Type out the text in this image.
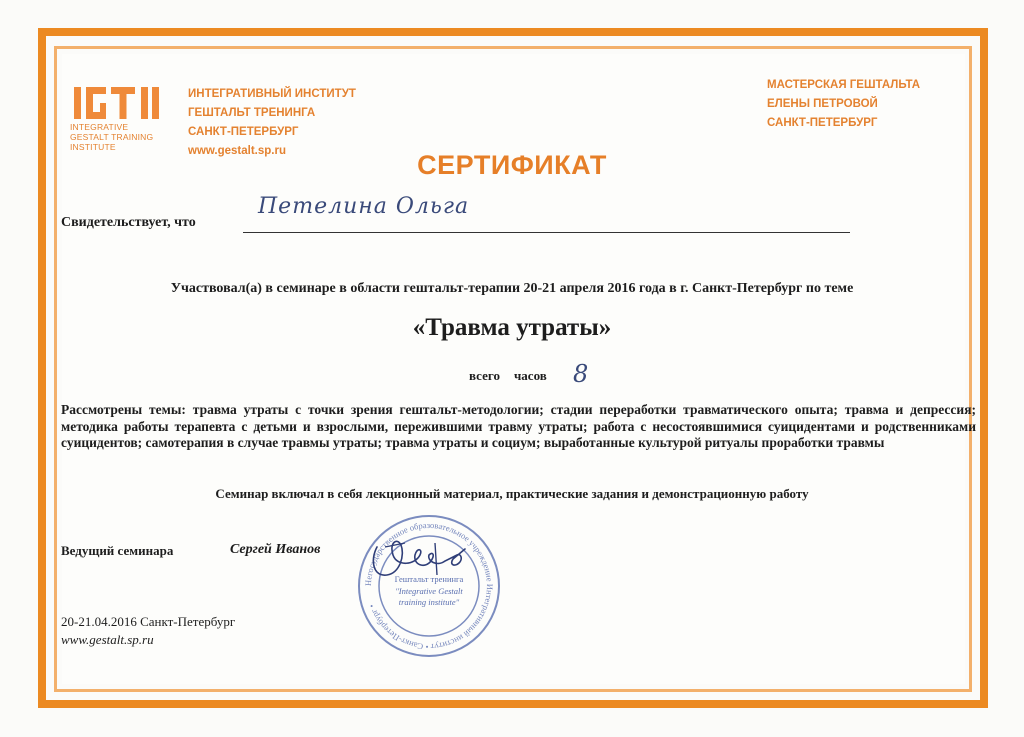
INTEGRATIVE
GESTALT TRAINING
INSTITUTE
ИНТЕГРАТИВНЫЙ ИНСТИТУТ
ГЕШТАЛЬТ ТРЕНИНГА
САНКТ-ПЕТЕРБУРГ
www.gestalt.sp.ru
МАСТЕРСКАЯ ГЕШТАЛЬТА
ЕЛЕНЫ ПЕТРОВОЙ
САНКТ-ПЕТЕРБУРГ
СЕРТИФИКАТ
Свидетельствует, что
Петелина Ольга
Участвовал(а) в семинаре в области гештальт-терапии 20-21 апреля 2016 года в г. Санкт-Петербург по теме
«Травма утраты»
всего часов 8
Рассмотрены темы: травма утраты с точки зрения гештальт-методологии; стадии переработки травматического опыта; травма и депрессия; методика работы терапевта с детьми и взрослыми, пережившими травму утраты; работа с несостоявшимися суицидентами и родственниками суицидентов; самотерапия в случае травмы утраты; травма утраты и социум; выработанные культурой ритуалы проработки травмы
Семинар включал в себя лекционный материал, практические задания и демонстрационную работу
Ведущий семинара	Сергей Иванов
Негосударственное образовательное учреждение Интегративный институт • Санкт-Петербург •
Гештальт тренинга
"Integrative Gestalt
training institute"
20-21.04.2016 Санкт-Петербург
www.gestalt.sp.ru
